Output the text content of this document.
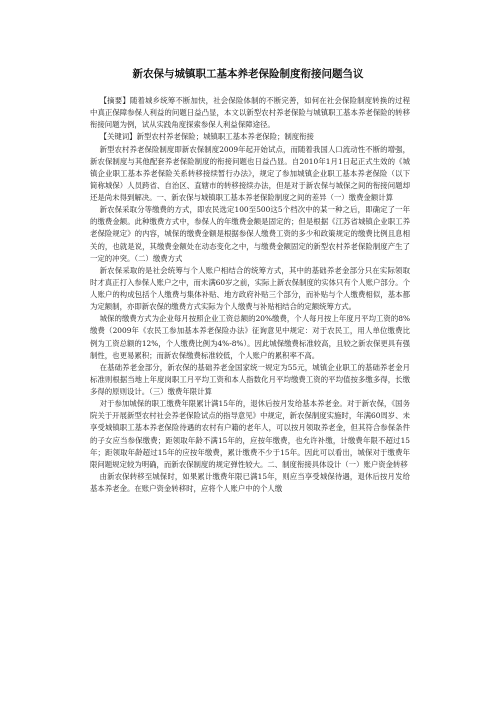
新农保与城镇职工基本养老保险制度衔接问题刍议

【摘要】随着城乡统筹不断加快，社会保险体制的不断完善，如何在社会保险制度转换的过程中真正保障参保人利益的问题日益凸显，本文以新型农村养老保险与城镇职工基本养老保险的转移衔接问题为例，试从实践角度探索参保人利益保障途径。

【关键词】新型农村养老保险；城镇职工基本养老保险；制度衔接

新型农村养老保险制度即新农保制度2009年起开始试点，而随着我国人口流动性不断的增强，新农保制度与其他配套养老保险制度的衔接问题也日益凸显。自2010年1月1日起正式生效的《城镇企业职工基本养老保险关系转移接续暂行办法》，规定了参加城镇企业职工基本养老保险（以下简称城保）人员跨省、自治区、直辖市的转移接续办法，但是对于新农保与城保之间的衔接问题却还是尚未得到解决。一、新农保与城镇职工基本养老保险制度之间的差异（一）缴费金额计算

新农保采取分等缴费的方式，即农民选定100至500这5个档次中的某一种之后，即确定了一年的缴费金额。此种缴费方式中，参保人的年缴费金额是固定的；但是根据《江苏省城镇企业职工养老保险规定》的内容，城保的缴费金额是根据参保人缴费工资的多少和政策规定的缴费比例且息相关的，也就是说，其缴费金额处在动态变化之中，与缴费金额固定的新型农村养老保险制度产生了一定的冲突。（二）缴费方式

新农保采取的是社会统筹与个人账户相结合的统筹方式，其中的基础养老金部分只在实际领取时才真正打入参保人账户之中，而未满60岁之前，实际上新农保制度的实体只有个人账户部分。个人账户的构成包括个人缴费与集体补贴、地方政府补贴三个部分，而补贴与个人缴费相似，基本都为定额制，亦即新农保的缴费方式实际为个人缴费与补贴相结合的定额统筹方式。

城保的缴费方式为企业每月按照企业工资总额的20%缴费，个人每月按上年度月平均工资的8%缴费（2009年《农民工参加基本养老保险办法》征询意见中规定：对于农民工，用人单位缴费比例为工资总额的12%，个人缴费比例为4%-8%）。因此城保缴费标准较高，且较之新农保更具有强制性，也更易累积；而新农保缴费标准较低，个人账户的累积率不高。

在基础养老金部分，新农保的基础养老金国家统一规定为55元，城镇企业职工的基础养老金月标准则根据当地上年度岗职工月平均工资和本人指数化月平均缴费工资的平均值按多缴多得，长缴多得的原则设计。（三）缴费年限计算

对于参加城保的职工缴费年限累计满15年的，退休后按月发给基本养老金。对于新农保，《国务院关于开展新型农村社会养老保险试点的指导意见》中规定，新农保制度实施时，年满60周岁、未享受城镇职工基本养老保险待遇的农村有户籍的老年人，可以按月领取养老金，但其符合参保条件的子女应当参保缴费；距领取年龄不满15年的，应按年缴费，也允许补缴，计缴费年限不超过15年；距领取年龄超过15年的应按年缴费，累计缴费不少于15年。因此可以看出，城保对于缴费年限问题规定较为明确，而新农保制度的规定弹性较大。二、制度衔接具体设计（一）账户资金转移

由新农保转移至城保时，如果累计缴费年限已满15年，则应当享受城保待遇，退休后按月发给基本养老金。在账户资金转移时，应将个人账户中的个人缴
